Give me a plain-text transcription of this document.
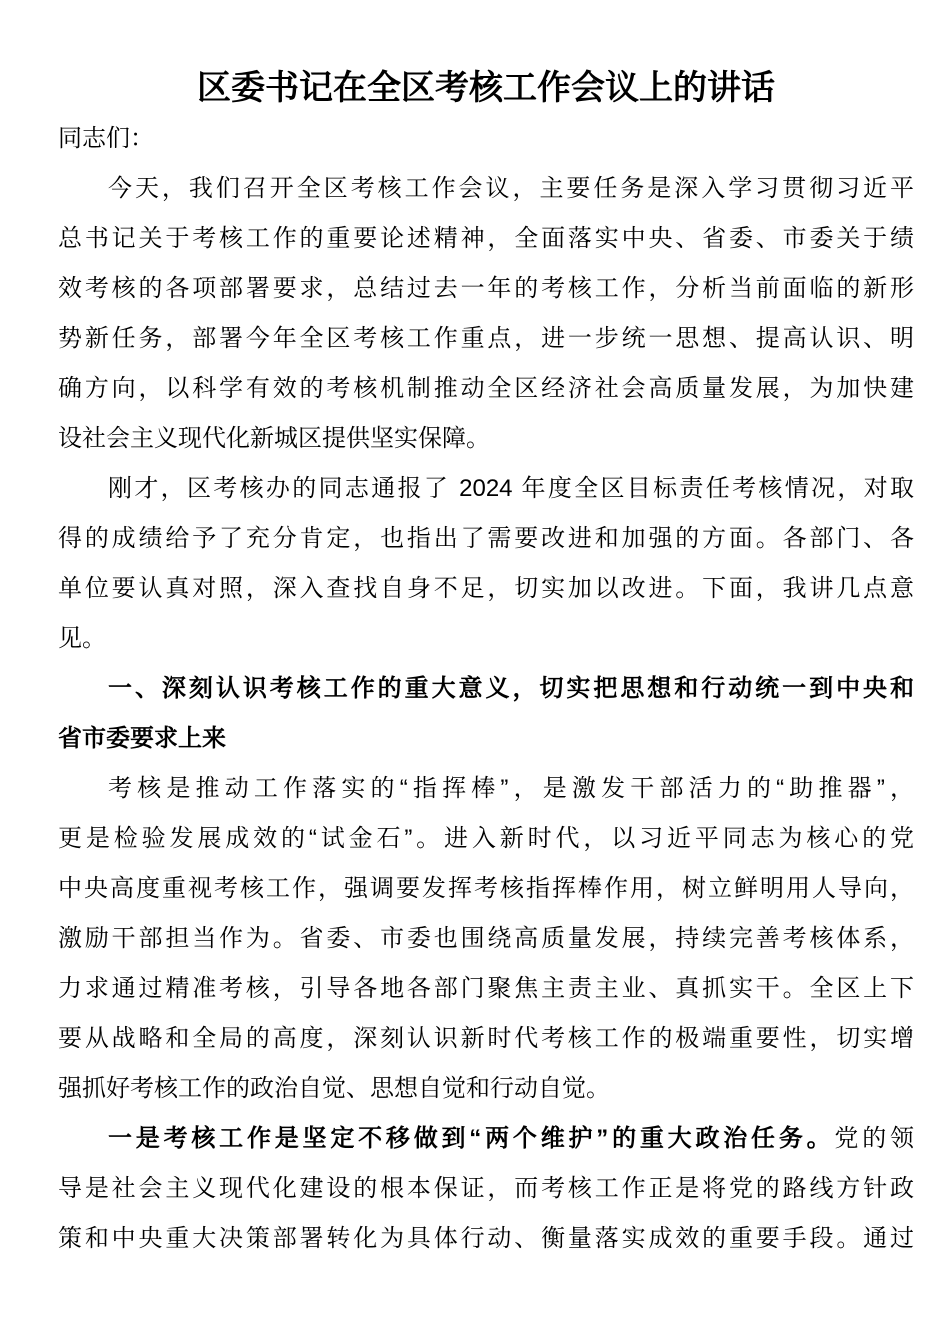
区委书记在全区考核工作会议上的讲话
同志们：
今天，我们召开全区考核工作会议，主要任务是深入学习贯彻习近平
总书记关于考核工作的重要论述精神，全面落实中央、省委、市委关于绩
效考核的各项部署要求，总结过去一年的考核工作，分析当前面临的新形
势新任务，部署今年全区考核工作重点，进一步统一思想、提高认识、明
确方向，以科学有效的考核机制推动全区经济社会高质量发展，为加快建
设社会主义现代化新城区提供坚实保障。
刚才，区考核办的同志通报了 2024 年度全区目标责任考核情况，对取
得的成绩给予了充分肯定，也指出了需要改进和加强的方面。各部门、各
单位要认真对照，深入查找自身不足，切实加以改进。下面，我讲几点意
见。
一、深刻认识考核工作的重大意义，切实把思想和行动统一到中央和
省市委要求上来
考核是推动工作落实的“指挥棒”，是激发干部活力的“助推器”，
更是检验发展成效的“试金石”。进入新时代，以习近平同志为核心的党
中央高度重视考核工作，强调要发挥考核指挥棒作用，树立鲜明用人导向，
激励干部担当作为。省委、市委也围绕高质量发展，持续完善考核体系，
力求通过精准考核，引导各地各部门聚焦主责主业、真抓实干。全区上下
要从战略和全局的高度，深刻认识新时代考核工作的极端重要性，切实增
强抓好考核工作的政治自觉、思想自觉和行动自觉。
一是考核工作是坚定不移做到“两个维护”的重大政治任务。党的领
导是社会主义现代化建设的根本保证，而考核工作正是将党的路线方针政
策和中央重大决策部署转化为具体行动、衡量落实成效的重要手段。通过
